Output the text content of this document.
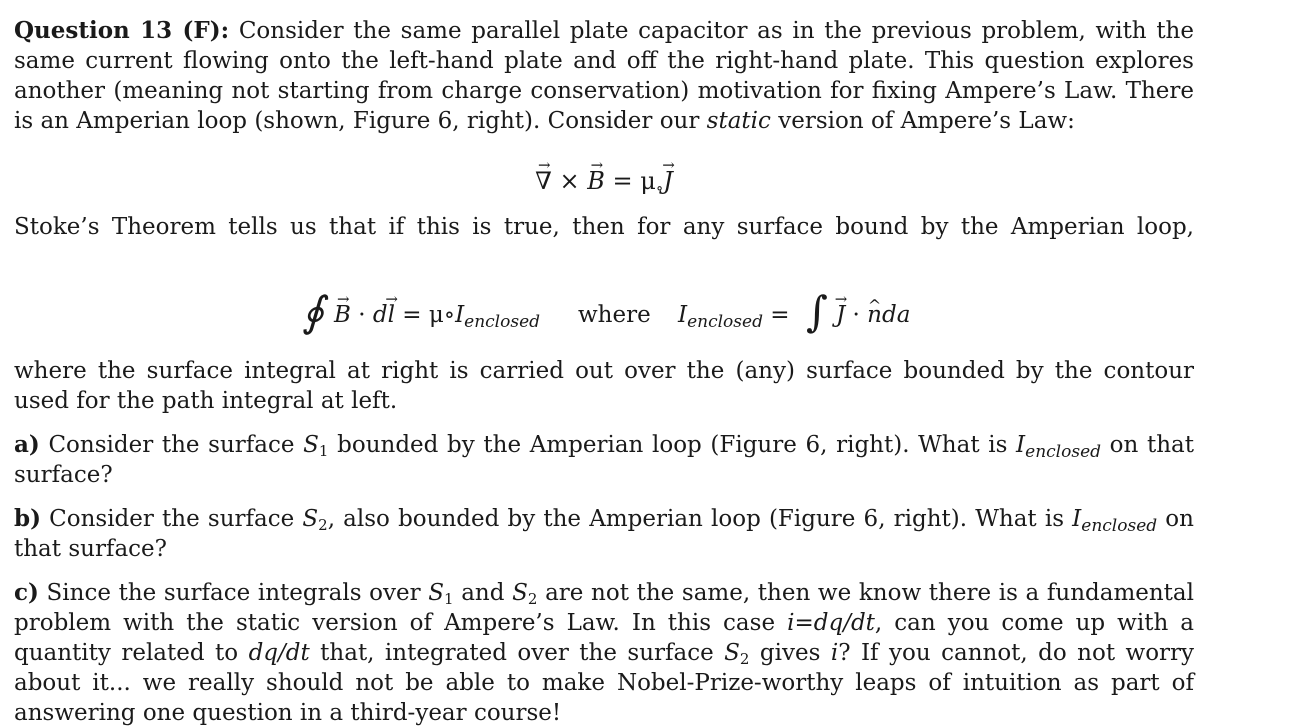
Question 13 (F): Consider the same parallel plate capacitor as in the previous problem, with the same current flowing onto the left-hand plate and off the right-hand plate. This question explores another (meaning not starting from charge conservation) motivation for fixing Ampere’s Law. There is an Amperian loop (shown, Figure 6, right). Consider our static version of Ampere’s Law:

→ ∇ × → $B = \mu_\circ\to J$

Stoke’s Theorem tells us that if this is true, then for any surface bound by the Amperian loop,

∮ → $B \cdot d\to l = \mu\circ I_{enclosed}$ where $I_{enclosed}$ = ∫ → J · ^ nda

where the surface integral at right is carried out over the (any) surface bounded by the contour used for the path integral at left.

a) Consider the surface $S_1$ bounded by the Amperian loop (Figure 6, right). What is $I_{enclosed}$ on that surface?

b) Consider the surface $S_2$, also bounded by the Amperian loop (Figure 6, right). What is $I_{enclosed}$ on that surface?

c) Since the surface integrals over $S_1$ and $S_2$ are not the same, then we know there is a fundamental problem with the static version of Ampere’s Law. In this case i=dq/dt, can you come up with a quantity related to dq/dt that, integrated over the surface $S_2$ gives i? If you cannot, do not worry about it... we really should not be able to make Nobel-Prize-worthy leaps of intuition as part of answering one question in a third-year course!
